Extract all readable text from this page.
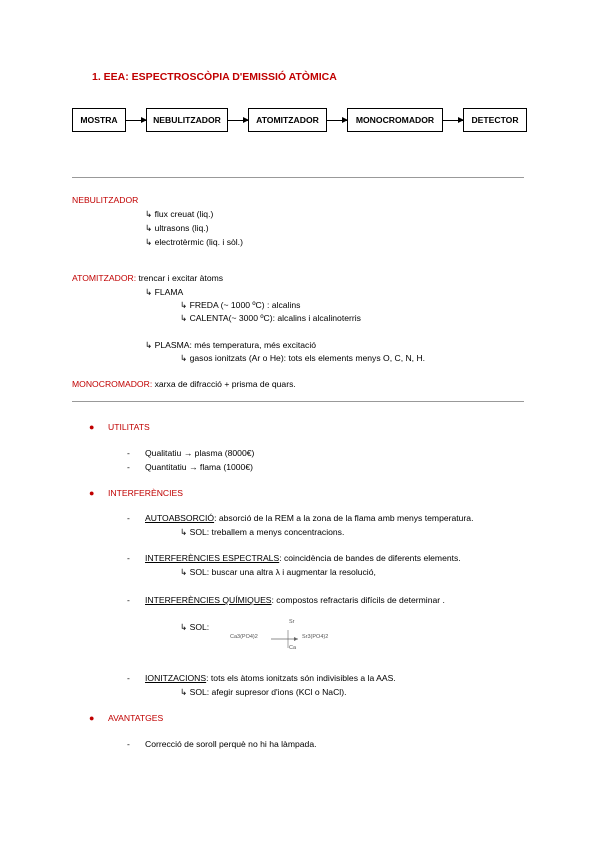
1. EEA: ESPECTROSCÒPIA D'EMISSIÓ ATÒMICA
MOSTRA	NEBULITZADOR	ATOMITZADOR	MONOCROMADOR	DETECTOR
NEBULITZADOR
↳ flux creuat (liq.)
↳ ultrasons (liq.)
↳ electrotèrmic (liq. i sòl.)
ATOMITZADOR: trencar i excitar àtoms
↳ FLAMA
↳ FREDA (~ 1000 ºC) : alcalins
↳ CALENTA(~ 3000 ºC): alcalins i alcalinoterris
↳ PLASMA: més temperatura, més excitació
↳ gasos ionitzats (Ar o He): tots els elements menys O, C, N, H.
MONOCROMADOR: xarxa de difracció + prisma de quars.
● UTILITATS
- Qualitatiu → plasma (8000€)
- Quantitatiu → flama (1000€)
● INTERFERÈNCIES
- AUTOABSORCIÓ: absorció de la REM a la zona de la flama amb menys temperatura.
↳ SOL: treballem a menys concentracions.
- INTERFERÈNCIES ESPECTRALS: coincidència de bandes de diferents elements.
↳ SOL: buscar una altra λ i augmentar la resolució,
- INTERFERÈNCIES QUÍMIQUES: compostos refractaris difícils de determinar .
↳ SOL:
Ca3(PO4)2
Sr
Ca
Sr3(PO4)2
- IONITZACIONS: tots els àtoms ionitzats són indivisibles a la AAS.
↳ SOL: afegir supresor d'ions (KCl o NaCl).
● AVANTATGES
- Correcció de soroll perquè no hi ha làmpada.
